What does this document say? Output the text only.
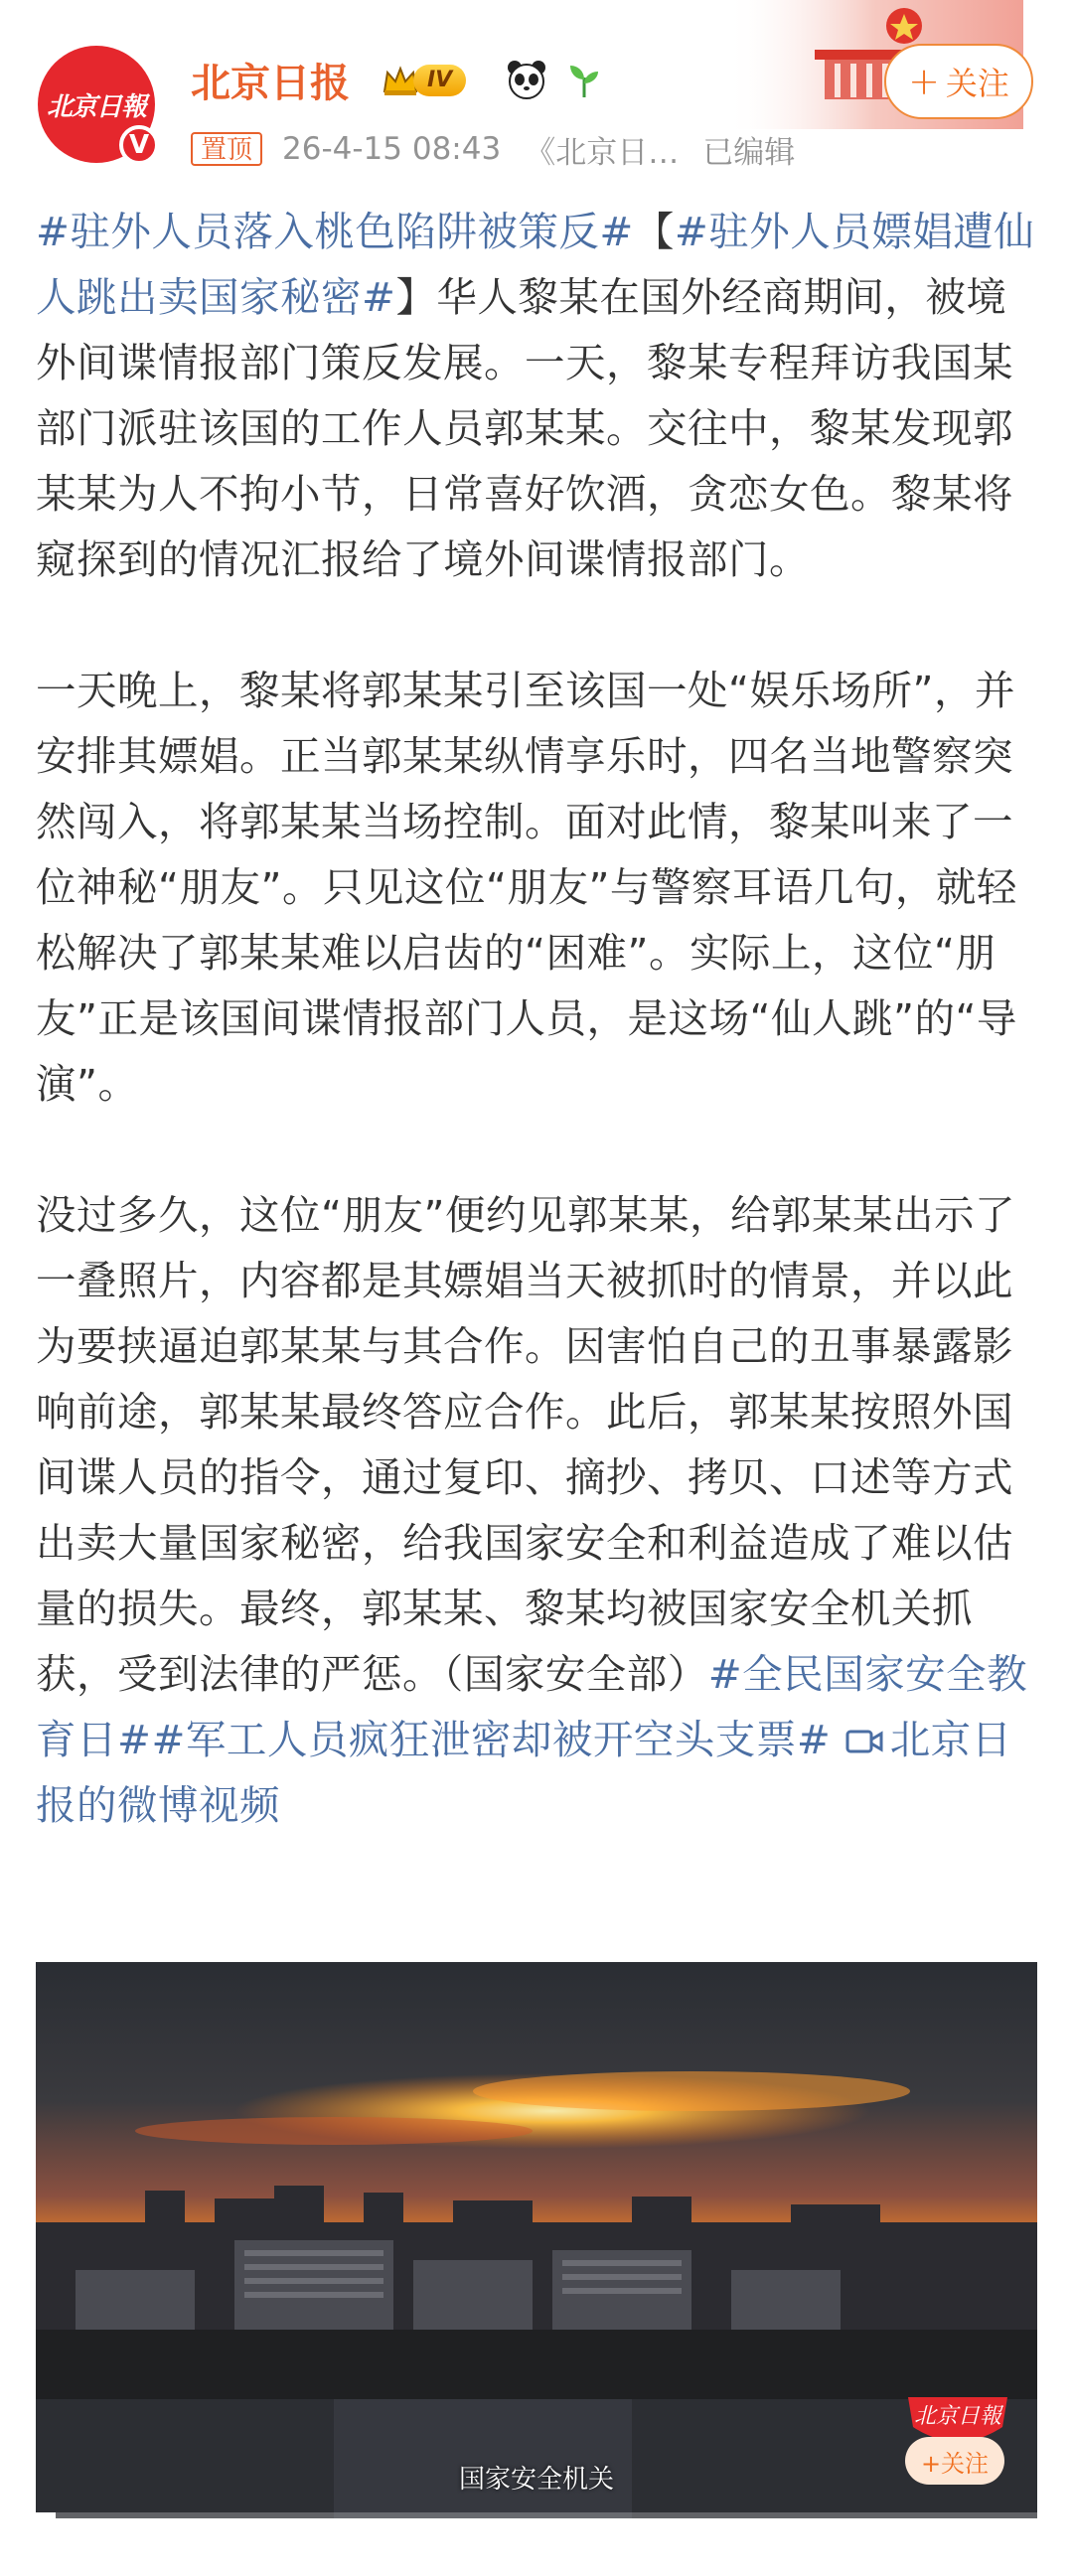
北京日報
V
北京日报	IV	+ 关注
置顶 26-4-15 08:43 《北京日… 已编辑

#驻外人员落入桃色陷阱被策反#【#驻外人员嫖娼遭仙人跳出卖国家秘密#】华人黎某在国外经商期间，被境外间谍情报部门策反发展。一天，黎某专程拜访我国某部门派驻该国的工作人员郭某某。交往中，黎某发现郭某某为人不拘小节，日常喜好饮酒，贪恋女色。黎某将窥探到的情况汇报给了境外间谍情报部门。

一天晚上，黎某将郭某某引至该国一处“娱乐场所”，并安排其嫖娼。正当郭某某纵情享乐时，四名当地警察突然闯入，将郭某某当场控制。面对此情，黎某叫来了一位神秘“朋友”。只见这位“朋友”与警察耳语几句，就轻松解决了郭某某难以启齿的“困难”。实际上，这位“朋友”正是该国间谍情报部门人员，是这场“仙人跳”的“导演”。

没过多久，这位“朋友”便约见郭某某，给郭某某出示了一叠照片，内容都是其嫖娼当天被抓时的情景，并以此为要挟逼迫郭某某与其合作。因害怕自己的丑事暴露影响前途，郭某某最终答应合作。此后，郭某某按照外国间谍人员的指令，通过复印、摘抄、拷贝、口述等方式出卖大量国家秘密，给我国家安全和利益造成了难以估量的损失。最终，郭某某、黎某均被国家安全机关抓获，受到法律的严惩。（国家安全部）#全民国家安全教育日##军工人员疯狂泄密却被开空头支票# 北京日报的微博视频

国家安全机关
北京日報
+关注
